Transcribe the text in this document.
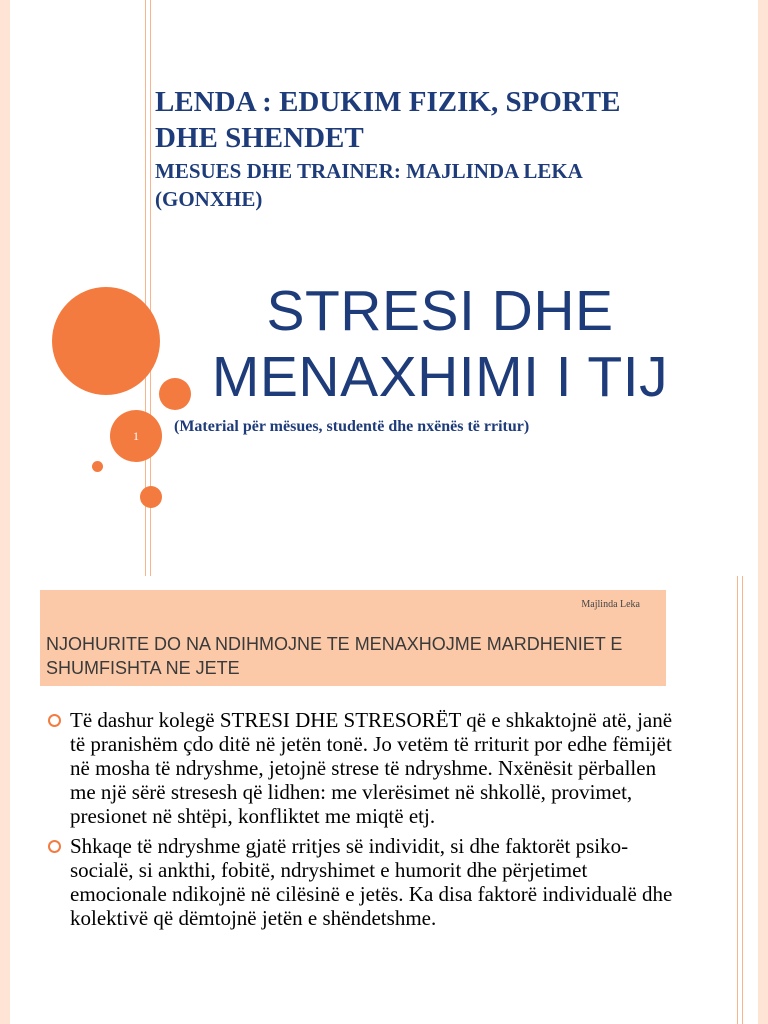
1
LENDA : EDUKIM FIZIK, SPORTE
DHE SHENDET
MESUES DHE TRAINER: MAJLINDA LEKA
(GONXHE)
STRESI DHE
MENAXHIMI I TIJ
(Material për mësues, studentë dhe nxënës të rritur)
Majlinda Leka
NJOHURITE DO NA NDIHMOJNE TE MENAXHOJME MARDHENIET E SHUMFISHTA NE JETE
Të dashur kolegë STRESI DHE STRESORËT që e shkaktojnë atë, janë të pranishëm çdo ditë në jetën tonë. Jo vetëm të rriturit por edhe fëmijët në mosha të ndryshme, jetojnë strese të ndryshme. Nxënësit përballen me një sërë stresesh që lidhen: me vlerësimet në shkollë, provimet, presionet në shtëpi, konfliktet me miqtë etj.
Shkaqe të ndryshme gjatë rritjes së individit, si dhe faktorët psiko-socialë, si ankthi, fobitë, ndryshimet e humorit dhe përjetimet emocionale ndikojnë në cilësinë e jetës. Ka disa faktorë individualë dhe kolektivë që dëmtojnë jetën e shëndetshme.
